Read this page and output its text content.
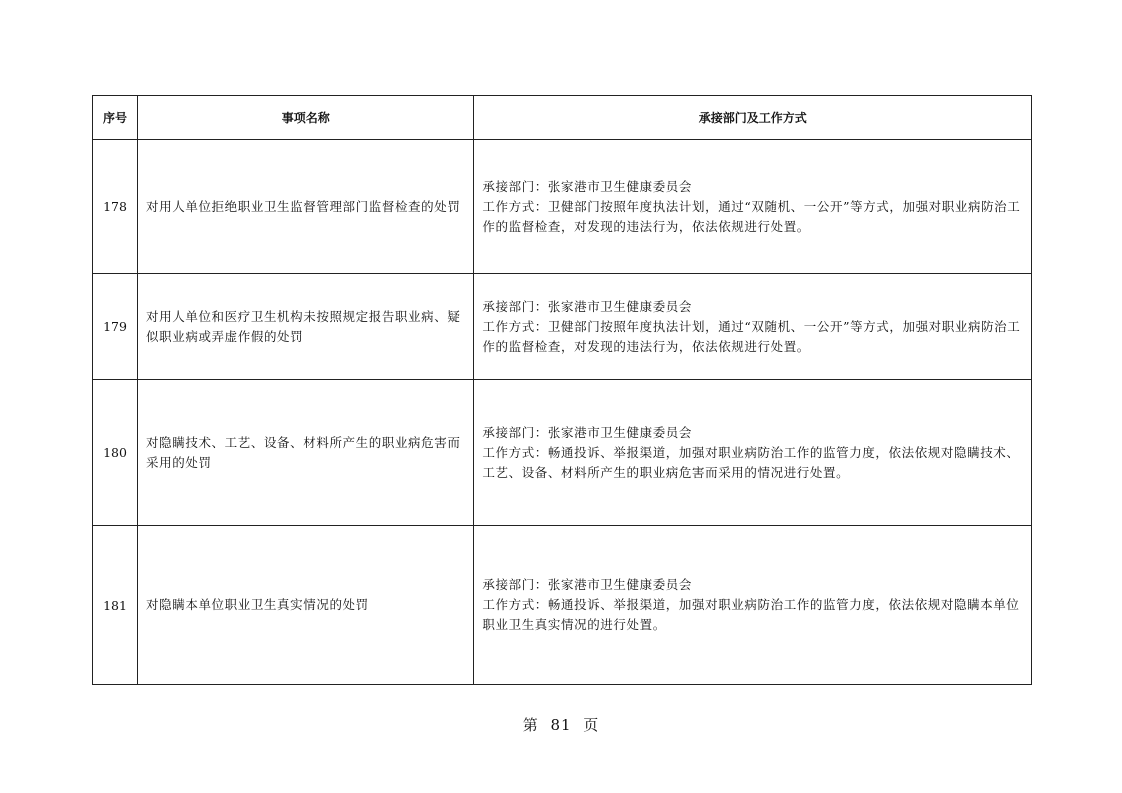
序号	事项名称	承接部门及工作方式
178	对用人单位拒绝职业卫生监督管理部门监督检查的处罚	承接部门：张家港市卫生健康委员会
工作方式：卫健部门按照年度执法计划，通过“双随机、一公开”等方式，加强对职业病防治工作的监督检查，对发现的违法行为，依法依规进行处置。

179	对用人单位和医疗卫生机构未按照规定报告职业病、疑似职业病或弄虚作假的处罚	承接部门：张家港市卫生健康委员会
工作方式：卫健部门按照年度执法计划，通过“双随机、一公开”等方式，加强对职业病防治工作的监督检查，对发现的违法行为，依法依规进行处置。

180	对隐瞒技术、工艺、设备、材料所产生的职业病危害而采用的处罚	承接部门：张家港市卫生健康委员会
工作方式：畅通投诉、举报渠道，加强对职业病防治工作的监管力度，依法依规对隐瞒技术、工艺、设备、材料所产生的职业病危害而采用的情况进行处置。

181	对隐瞒本单位职业卫生真实情况的处罚	承接部门：张家港市卫生健康委员会
工作方式：畅通投诉、举报渠道，加强对职业病防治工作的监管力度，依法依规对隐瞒本单位职业卫生真实情况的进行处置。
第 81 页
